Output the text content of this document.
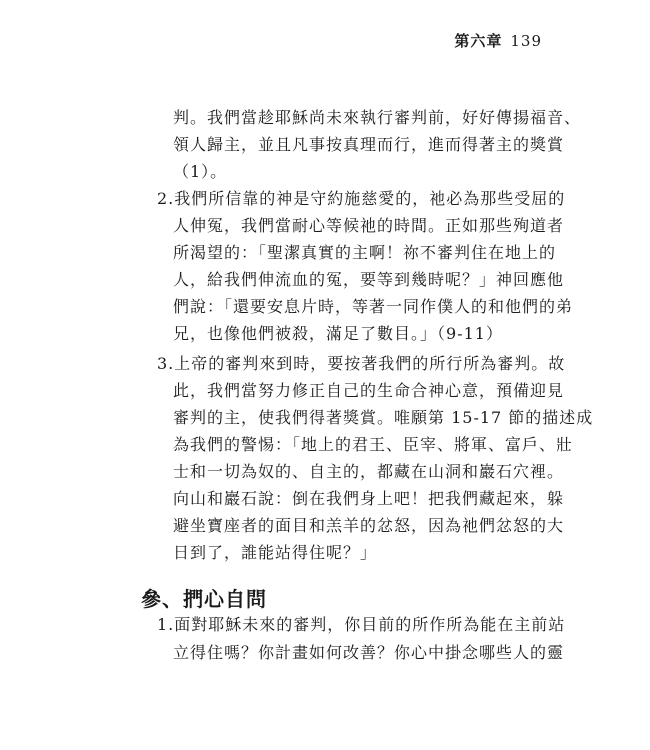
第六章 139
判。我們當趁耶穌尚未來執行審判前，好好傳揚福音、
領人歸主，並且凡事按真理而行，進而得著主的獎賞
（1）。
2.我們所信靠的神是守約施慈愛的，祂必為那些受屈的
人伸冤，我們當耐心等候祂的時間。正如那些殉道者
所渴望的：「聖潔真實的主啊！祢不審判住在地上的
人，給我們伸流血的冤，要等到幾時呢？」神回應他
們說：「還要安息片時，等著一同作僕人的和他們的弟
兄，也像他們被殺，滿足了數目。」（9-11）
3.上帝的審判來到時，要按著我們的所行所為審判。故
此，我們當努力修正自己的生命合神心意，預備迎見
審判的主，使我們得著獎賞。唯願第 15-17 節的描述成
為我們的警惕：「地上的君王、臣宰、將軍、富戶、壯
士和一切為奴的、自主的，都藏在山洞和巖石穴裡。
向山和巖石說：倒在我們身上吧！把我們藏起來，躲
避坐寶座者的面目和羔羊的忿怒，因為祂們忿怒的大
日到了，誰能站得住呢？」
參、捫心自問
1.面對耶穌未來的審判，你目前的所作所為能在主前站
立得住嗎？你計畫如何改善？你心中掛念哪些人的靈
